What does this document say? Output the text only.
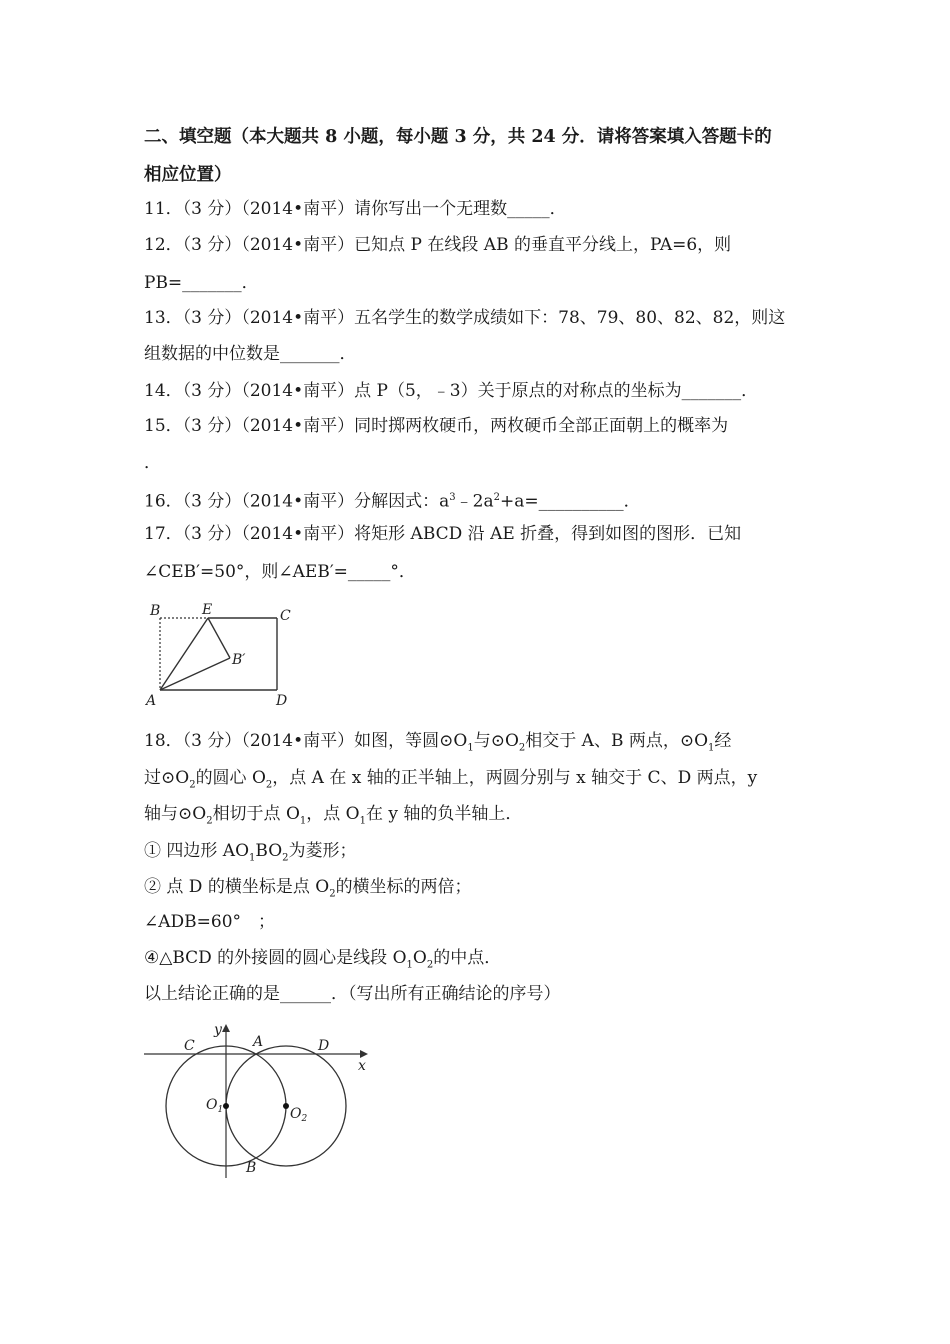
二、填空题（本大题共 8 小题，每小题 3 分，共 24 分．请将答案填入答题卡的
相应位置）
11．（3 分）（2014•南平）请你写出一个无理数_____．
12．（3 分）（2014•南平）已知点 P 在线段 AB 的垂直平分线上，PA=6，则
PB=_______．
13．（3 分）（2014•南平）五名学生的数学成绩如下：78、79、80、82、82，则这
组数据的中位数是_______．
14．（3 分）（2014•南平）点 P（5，﹣3）关于原点的对称点的坐标为_______．
15．（3 分）（2014•南平）同时掷两枚硬币，两枚硬币全部正面朝上的概率为
．
16．（3 分）（2014•南平）分解因式：$a^3﹣2a^2+a=\_\_\_\_\_\_\_\_\_\_$．
17．（3 分）（2014•南平）将矩形 ABCD 沿 AE 折叠，得到如图的图形．已知
∠CEB′=50°，则∠AEB′=_____°．
B	E	C
B′
A	D
18．（3 分）（2014•南平）如图，等圆$⊙O_1$与$⊙O_2$相交于 A、B 两点，$⊙O_1$经
过$⊙O_2$的圆心 $O_2$，点 A 在 x 轴的正半轴上，两圆分别与 x 轴交于 C、D 两点，y
轴与$⊙O_2$相切于点 $O_1$，点 $O_1$在 y 轴的负半轴上．
① 四边形 $AO_1BO_2$为菱形；
② 点 D 的横坐标是点 $O_2$的横坐标的两倍；
∠ADB=60°　；
④△BCD 的外接圆的圆心是线段 $O_1O_2$的中点．
以上结论正确的是______．（写出所有正确结论的序号）
y
x
C	A	D
$O_1$	$O_2$
B
